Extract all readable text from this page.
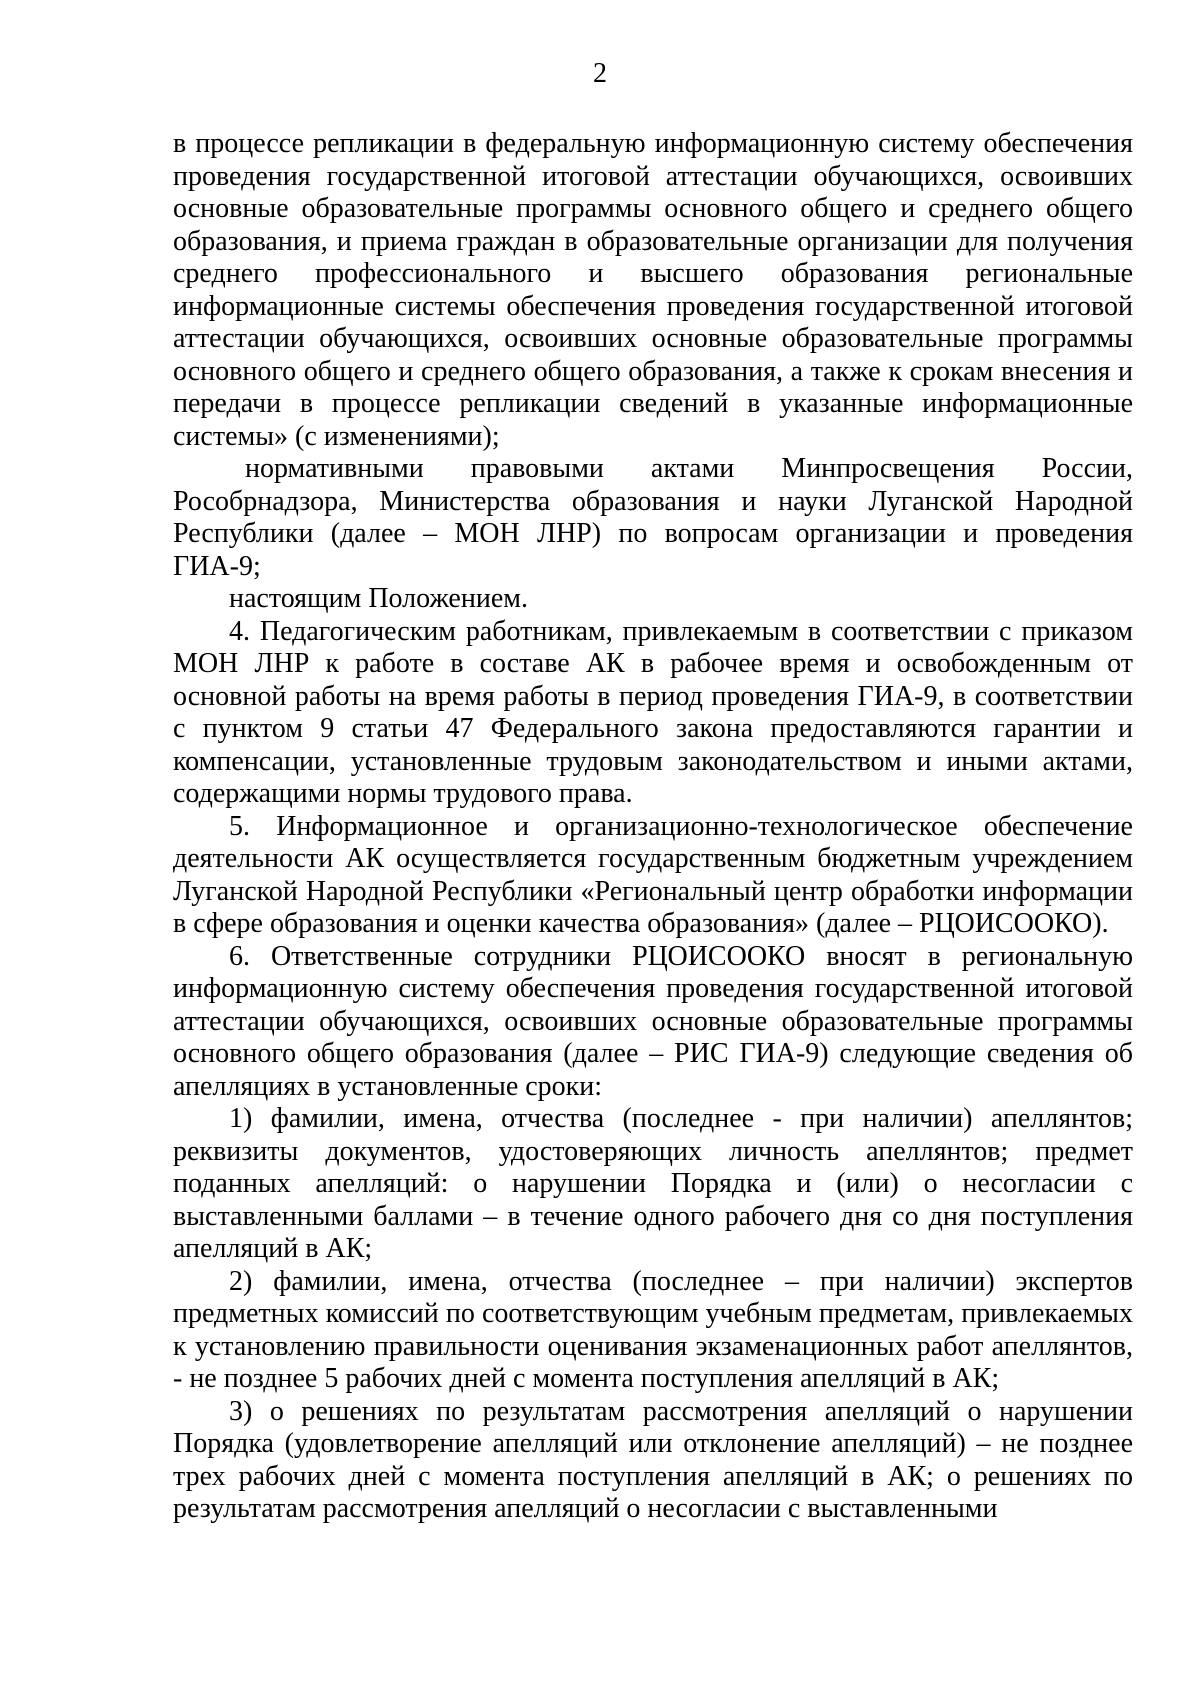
2

в процессе репликации в федеральную информационную систему обеспечения проведения государственной итоговой аттестации обучающихся, освоивших основные образовательные программы основного общего и среднего общего образования, и приема граждан в образовательные организации для получения среднего профессионального и высшего образования региональные информационные системы обеспечения проведения государственной итоговой аттестации обучающихся, освоивших основные образовательные программы основного общего и среднего общего образования, а также к срокам внесения и передачи в процессе репликации сведений в указанные информационные системы» (с изменениями);

нормативными правовыми актами Минпросвещения России, Рособрнадзора, Министерства образования и науки Луганской Народной Республики (далее – МОН ЛНР) по вопросам организации и проведения ГИА-9;

настоящим Положением.

4. Педагогическим работникам, привлекаемым в соответствии с приказом МОН ЛНР к работе в составе АК в рабочее время и освобожденным от основной работы на время работы в период проведения ГИА-9, в соответствии с пунктом 9 статьи 47 Федерального закона предоставляются гарантии и компенсации, установленные трудовым законодательством и иными актами, содержащими нормы трудового права.

5. Информационное и организационно-технологическое обеспечение деятельности АК осуществляется государственным бюджетным учреждением Луганской Народной Республики «Региональный центр обработки информации в сфере образования и оценки качества образования» (далее – РЦОИСООКО).

6. Ответственные сотрудники РЦОИСООКО вносят в региональную информационную систему обеспечения проведения государственной итоговой аттестации обучающихся, освоивших основные образовательные программы основного общего образования (далее – РИС ГИА-9) следующие сведения об апелляциях в установленные сроки:

1) фамилии, имена, отчества (последнее - при наличии) апеллянтов; реквизиты документов, удостоверяющих личность апеллянтов; предмет поданных апелляций: о нарушении Порядка и (или) о несогласии с выставленными баллами – в течение одного рабочего дня со дня поступления апелляций в АК;

2) фамилии, имена, отчества (последнее – при наличии) экспертов предметных комиссий по соответствующим учебным предметам, привлекаемых к установлению правильности оценивания экзаменационных работ апеллянтов, - не позднее 5 рабочих дней с момента поступления апелляций в АК;

3) о решениях по результатам рассмотрения апелляций о нарушении Порядка (удовлетворение апелляций или отклонение апелляций) – не позднее трех рабочих дней с момента поступления апелляций в АК; о решениях по результатам рассмотрения апелляций о несогласии с выставленными
